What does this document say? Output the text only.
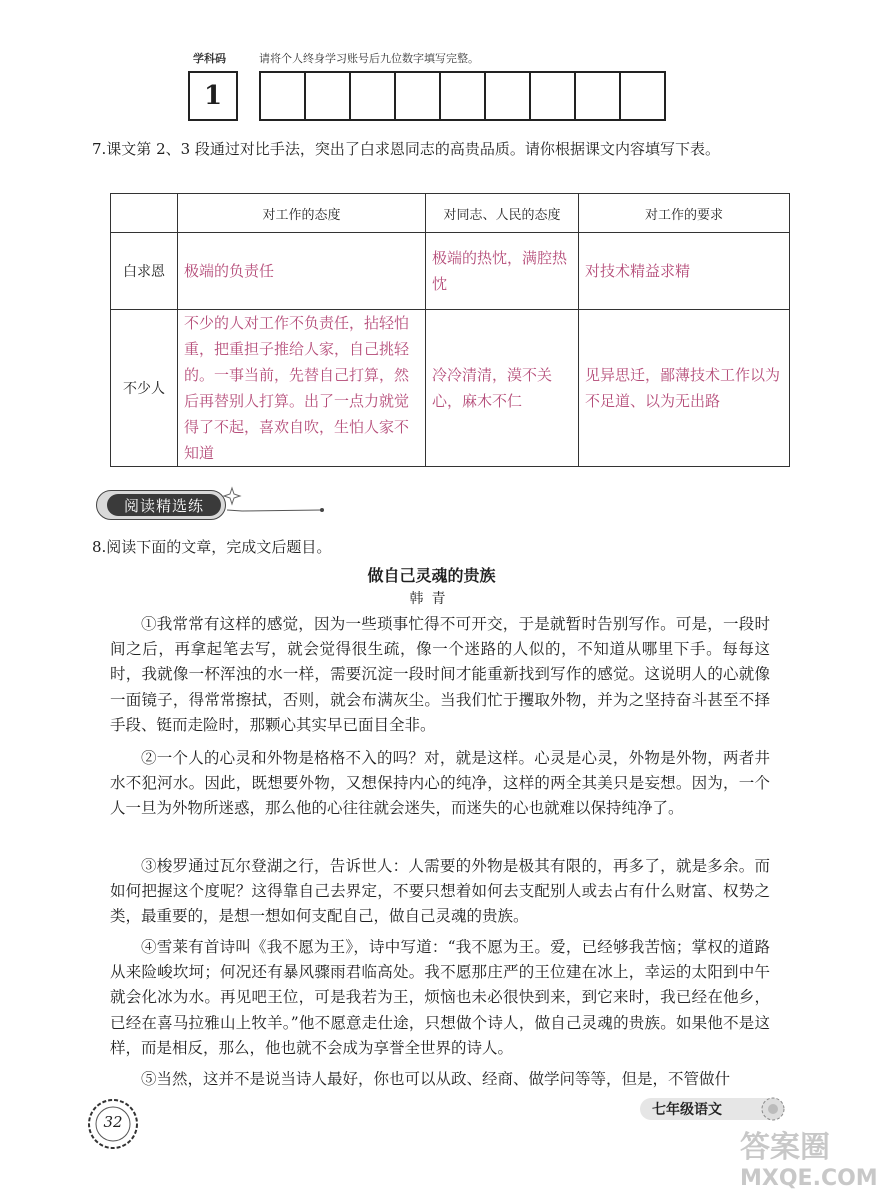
学科码	请将个人终身学习账号后九位数字填写完整。
1
7.课文第 2、3 段通过对比手法，突出了白求恩同志的高贵品质。请你根据课文内容填写下表。
	对工作的态度	对同志、人民的态度	对工作的要求
白求恩	极端的负责任	极端的热忱，满腔热忱	对技术精益求精
不少人	不少的人对工作不负责任，拈轻怕重，把重担子推给人家，自己挑轻的。一事当前，先替自己打算，然后再替别人打算。出了一点力就觉得了不起，喜欢自吹，生怕人家不知道	冷冷清清，漠不关心，麻木不仁	见异思迁，鄙薄技术工作以为不足道、以为无出路
阅读精选练
8.阅读下面的文章，完成文后题目。
做自己灵魂的贵族
韩青
①我常常有这样的感觉，因为一些琐事忙得不可开交，于是就暂时告别写作。可是，一段时间之后，再拿起笔去写，就会觉得很生疏，像一个迷路的人似的，不知道从哪里下手。每每这时，我就像一杯浑浊的水一样，需要沉淀一段时间才能重新找到写作的感觉。这说明人的心就像一面镜子，得常常擦拭，否则，就会布满灰尘。当我们忙于攫取外物，并为之坚持奋斗甚至不择手段、铤而走险时，那颗心其实早已面目全非。
②一个人的心灵和外物是格格不入的吗？对，就是这样。心灵是心灵，外物是外物，两者井水不犯河水。因此，既想要外物，又想保持内心的纯净，这样的两全其美只是妄想。因为，一个人一旦为外物所迷惑，那么他的心往往就会迷失，而迷失的心也就难以保持纯净了。
③梭罗通过瓦尔登湖之行，告诉世人：人需要的外物是极其有限的，再多了，就是多余。而如何把握这个度呢？这得靠自己去界定，不要只想着如何去支配别人或去占有什么财富、权势之类，最重要的，是想一想如何支配自己，做自己灵魂的贵族。
④雪莱有首诗叫《我不愿为王》，诗中写道：“我不愿为王。爱，已经够我苦恼；掌权的道路从来险峻坎坷；何况还有暴风骤雨君临高处。我不愿那庄严的王位建在冰上，幸运的太阳到中午就会化冰为水。再见吧王位，可是我若为王，烦恼也未必很快到来，到它来时，我已经在他乡，已经在喜马拉雅山上牧羊。”他不愿意走仕途，只想做个诗人，做自己灵魂的贵族。如果他不是这样，而是相反，那么，他也就不会成为享誉全世界的诗人。
⑤当然，这并不是说当诗人最好，你也可以从政、经商、做学问等等，但是，不管做什
32
七年级语文
答案圈
MXQE.COM
